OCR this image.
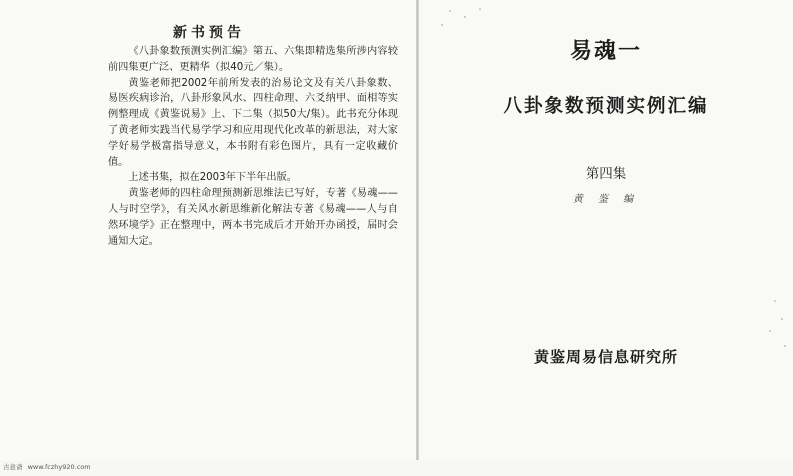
新书预告

《八卦象数预测实例汇编》第五、六集即精选集所涉内容较前四集更广泛、更精华（拟40元／集）。

黄鉴老师把2002年前所发表的治易论文及有关八卦象数、易医疾病诊治，八卦形象风水、四柱命理、六爻纳甲、面相等实例整理成《黄鉴说易》上、下二集（拟50大/集）。此书充分体现了黄老师实践当代易学学习和应用现代化改革的新思法，对大家学好易学极富指导意义，本书附有彩色图片，具有一定收藏价值。

上述书集，拟在2003年下半年出版。

黄鉴老师的四柱命理预测新思维法已写好，专著《易魂——人与时空学》，有关风水新思维新化解法专著《易魂——人与自然环境学》正在整理中，两本书完成后才开始开办函授，届时会通知大定。

易魂一
八卦象数预测实例汇编
第四集
黄 鉴 编
黄鉴周易信息研究所
古意斋 www.fczhy920.com
